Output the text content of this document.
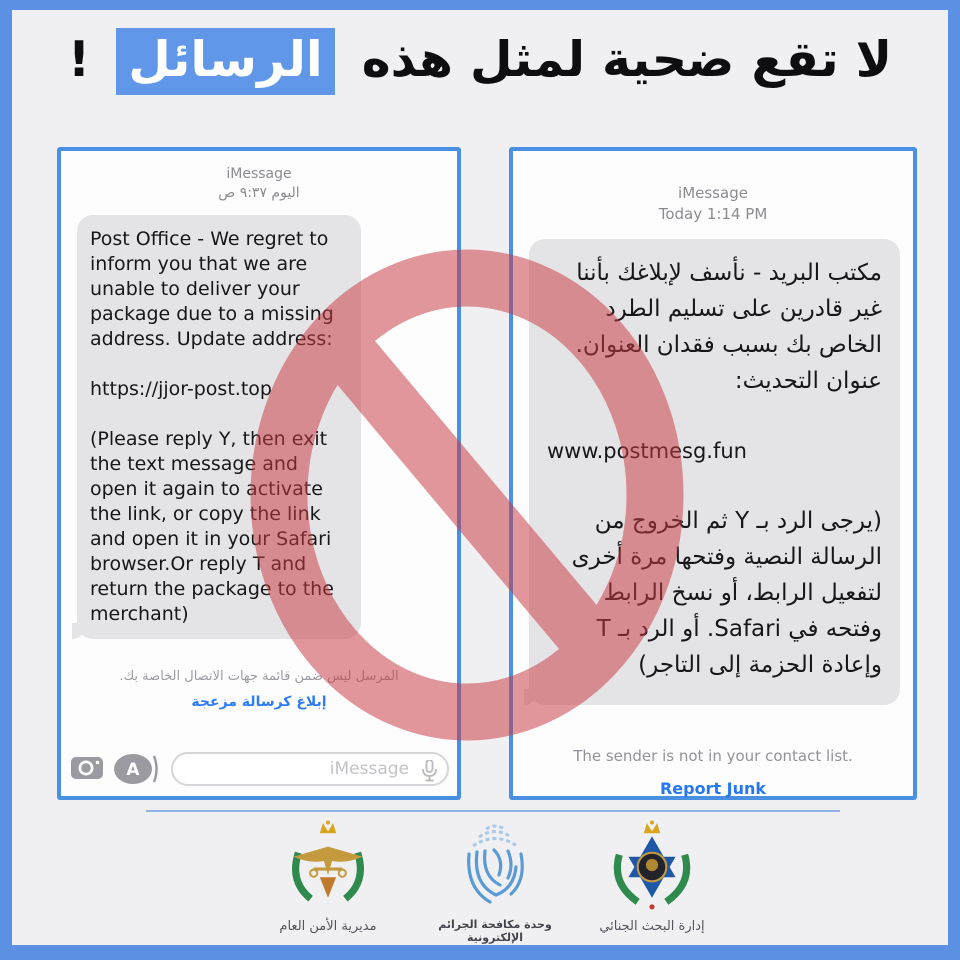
لا تقع ضحية لمثل هذه الرسائل !
iMessage
اليوم ٩:٣٧ ص

Post Office - We regret to inform you that we are unable to deliver your package due to a missing address. Update address:

https://jjor-post.top

(Please reply Y, then exit the text message and open it again to activate the link, or copy the link and open it in your Safari browser.Or reply T and return the package to the merchant)

المرسل ليس ضمن قائمة جهات الاتصال الخاصة بك.
إبلاغ كرسالة مزعجة
A
iMessage
iMessage
Today 1:14 PM

مكتب البريد - نأسف لإبلاغك بأننا غير قادرين على تسليم الطرد الخاص بك بسبب فقدان العنوان. عنوان التحديث:

www.postmesg.fun

(يرجى الرد بـ Y ثم الخروج من الرسالة النصية وفتحها مرة أخرى لتفعيل الرابط، أو نسخ الرابط وفتحه في Safari. أو الرد بـ T وإعادة الحزمة إلى التاجر)

The sender is not in your contact list.
Report Junk
مديرية الأمن العام	وحدة مكافحة الجرائم الإلكترونية
إدارة البحث الجنائي
